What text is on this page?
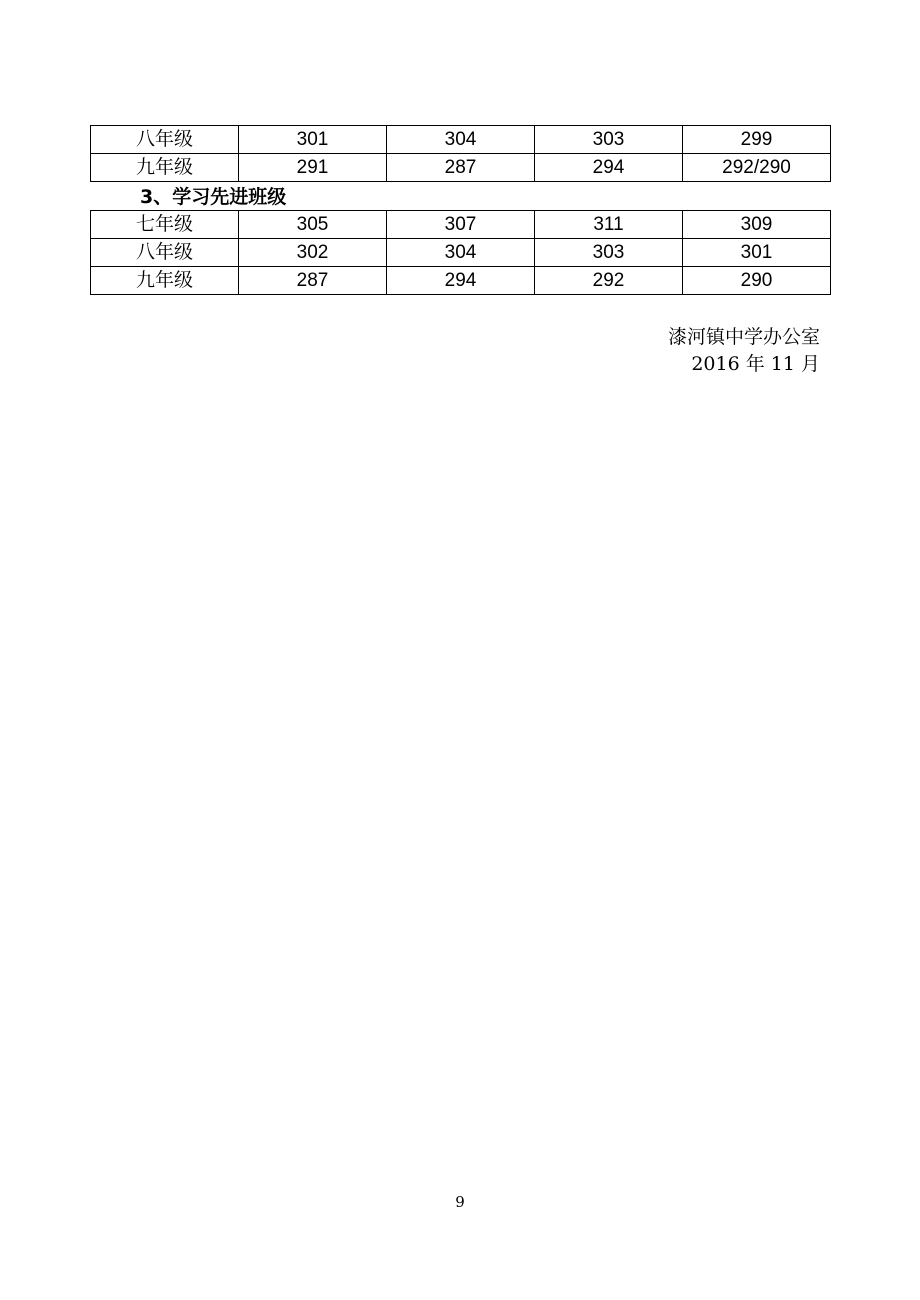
八年级	301	304	303	299
九年级	291	287	294	292/290
3、学习先进班级
七年级	305	307	311	309
八年级	302	304	303	301
九年级	287	294	292	290
漆河镇中学办公室
2016 年 11 月
9
